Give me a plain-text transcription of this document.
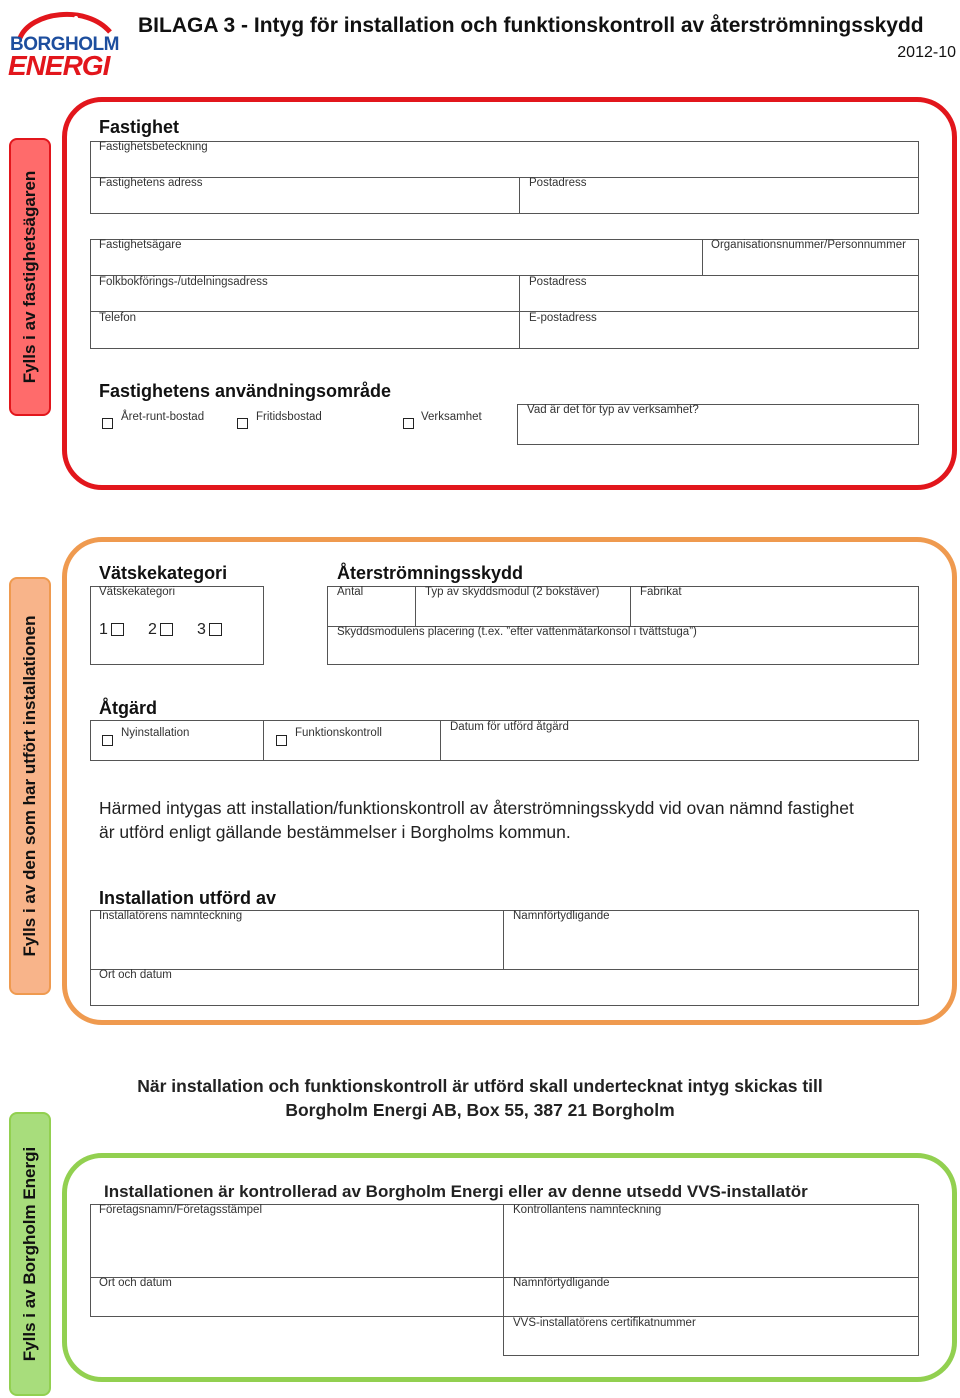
BORGHOLM
ENERGI
BILAGA 3 - Intyg för installation och funktionskontroll av återströmningsskydd
2012-10
Fylls i av fastighetsägaren
Fastighet
Fastighetsbeteckning
Fastighetens adress	Postadress
Fastighetsägare	Organisationsnummer/Personnummer
Folkbokförings-/utdelningsadress	Postadress
Telefon	E-postadress
Fastighetens användningsområde
Vad är det för typ av verksamhet?
Året-runt-bostad	Fritidsbostad	Verksamhet
Fylls i av den som har utfört installationen
Vätskekategori	Återströmningsskydd
Vätskekategori
1	2	3
Antal	Typ av skyddsmodul (2 bokstäver)	Fabrikat
Skyddsmodulens placering (t.ex. ”efter vattenmätarkonsol i tvättstuga”)
Åtgärd
Nyinstallation	Funktionskontroll	Datum för utförd åtgärd
Härmed intygas att installation/funktionskontroll av återströmningsskydd vid ovan nämnd fastighet
är utförd enligt gällande bestämmelser i Borgholms kommun.
Installation utförd av
Installatörens namnteckning	Namnförtydligande
Ort och datum
När installation och funktionskontroll är utförd skall undertecknat intyg skickas till
Borgholm Energi AB, Box 55, 387 21 Borgholm
Fylls i av Borgholm Energi	Installationen är kontrollerad av Borgholm Energi eller av denne utsedd VVS-installatör
Företagsnamn/Företagsstämpel	Kontrollantens namnteckning
Ort och datum	Namnförtydligande
VVS-installatörens certifikatnummer
